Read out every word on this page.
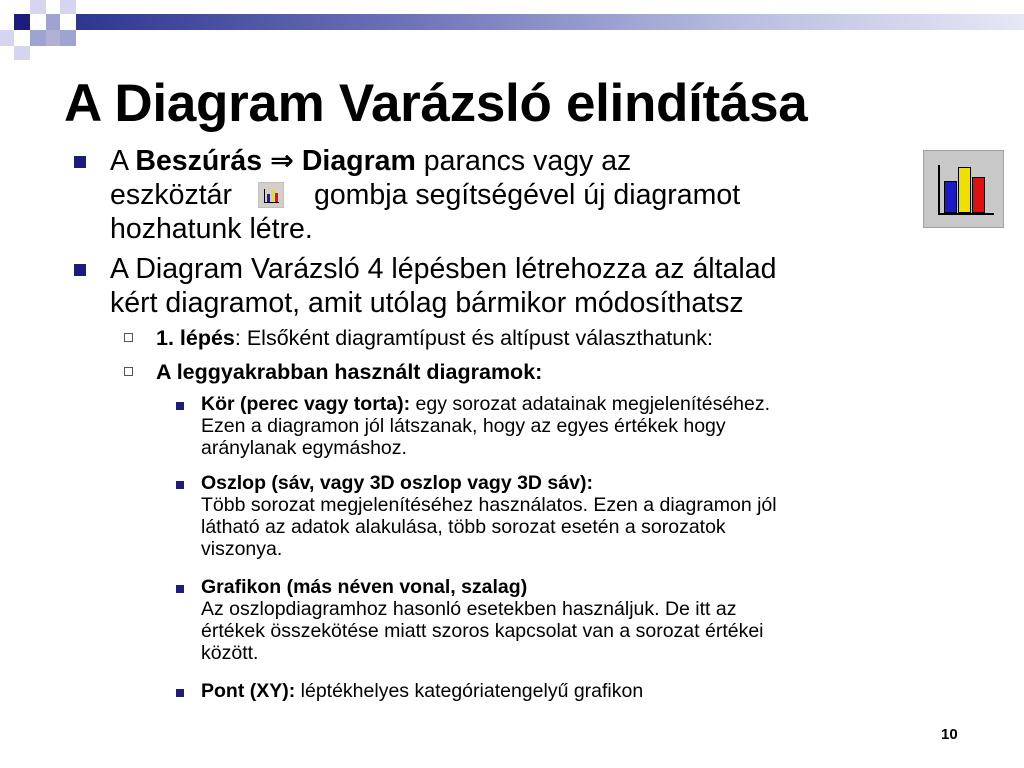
A Diagram Varázsló elindítása
A Beszúrás ⇒ Diagram parancs vagy az
eszköztár	gombja segítségével új diagramot
hozhatunk létre.
A Diagram Varázsló 4 lépésben létrehozza az általad
kért diagramot, amit utólag bármikor módosíthatsz
1. lépés: Elsőként diagramtípust és altípust választhatunk:
A leggyakrabban használt diagramok:
Kör (perec vagy torta): egy sorozat adatainak megjelenítéséhez.
Ezen a diagramon jól látszanak, hogy az egyes értékek hogy
aránylanak egymáshoz.
Oszlop (sáv, vagy 3D oszlop vagy 3D sáv):
Több sorozat megjelenítéséhez használatos. Ezen a diagramon jól
látható az adatok alakulása, több sorozat esetén a sorozatok
viszonya.
Grafikon (más néven vonal, szalag)
Az oszlopdiagramhoz hasonló esetekben használjuk. De itt az
értékek összekötése miatt szoros kapcsolat van a sorozat értékei
között.
Pont (XY): léptékhelyes kategóriatengelyű grafikon
10
